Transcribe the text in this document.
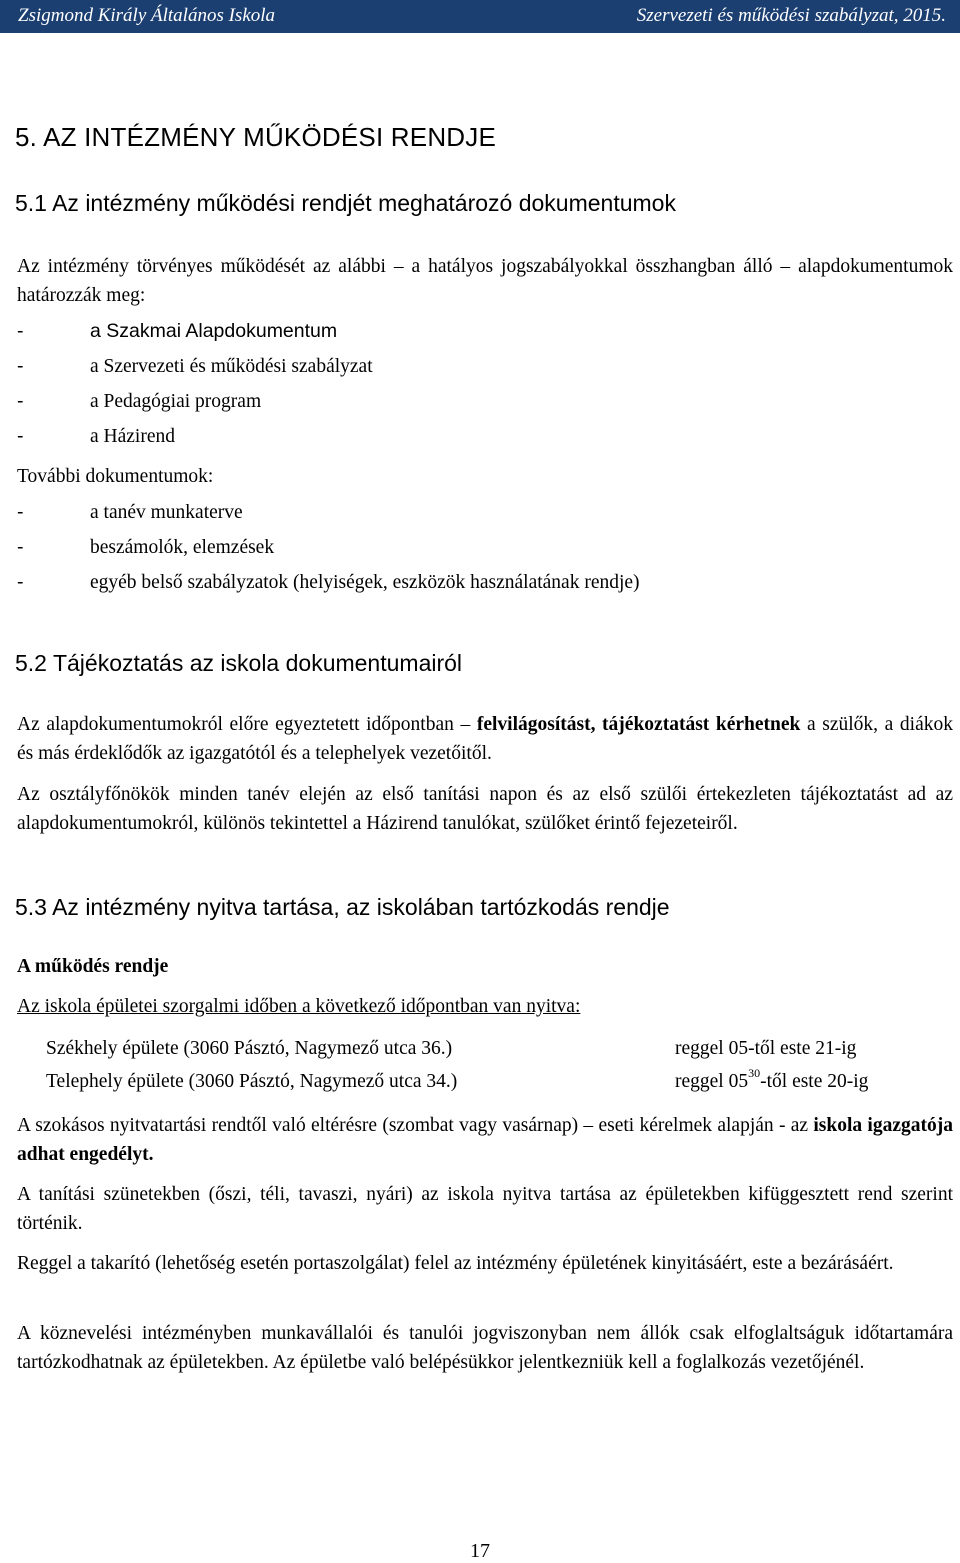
Zsigmond Király Általános Iskola	Szervezeti és működési szabályzat, 2015.
5. AZ INTÉZMÉNY MŰKÖDÉSI RENDJE
5.1 Az intézmény működési rendjét meghatározó dokumentumok
Az intézmény törvényes működését az alábbi – a hatályos jogszabályokkal összhangban álló – alapdokumentumok határozzák meg:
-	a Szakmai Alapdokumentum
-	a Szervezeti és működési szabályzat
-	a Pedagógiai program
-	a Házirend
További dokumentumok:
-	a tanév munkaterve
-	beszámolók, elemzések
-	egyéb belső szabályzatok (helyiségek, eszközök használatának rendje)
5.2 Tájékoztatás az iskola dokumentumairól
Az alapdokumentumokról előre egyeztetett időpontban – felvilágosítást, tájékoztatást kérhetnek a szülők, a diákok és más érdeklődők az igazgatótól és a telephelyek vezetőitől.
Az osztályfőnökök minden tanév elején az első tanítási napon és az első szülői értekezleten tájékoztatást ad az alapdokumentumokról, különös tekintettel a Házirend tanulókat, szülőket érintő fejezeteiről.
5.3 Az intézmény nyitva tartása, az iskolában tartózkodás rendje
A működés rendje
Az iskola épületei szorgalmi időben a következő időpontban van nyitva:
Székhely épülete (3060 Pásztó, Nagymező utca 36.)	reggel 05-től este 21-ig
Telephely épülete (3060 Pásztó, Nagymező utca 34.)	reggel $05^{30}$-től este 20-ig
A szokásos nyitvatartási rendtől való eltérésre (szombat vagy vasárnap) – eseti kérelmek alapján - az iskola igazgatója adhat engedélyt.
A tanítási szünetekben (őszi, téli, tavaszi, nyári) az iskola nyitva tartása az épületekben kifüggesztett rend szerint történik.
Reggel a takarító (lehetőség esetén portaszolgálat) felel az intézmény épületének kinyitásáért, este a bezárásáért.
A köznevelési intézményben munkavállalói és tanulói jogviszonyban nem állók csak elfoglaltságuk időtartamára tartózkodhatnak az épületekben. Az épületbe való belépésükkor jelentkezniük kell a foglalkozás vezetőjénél.
17
